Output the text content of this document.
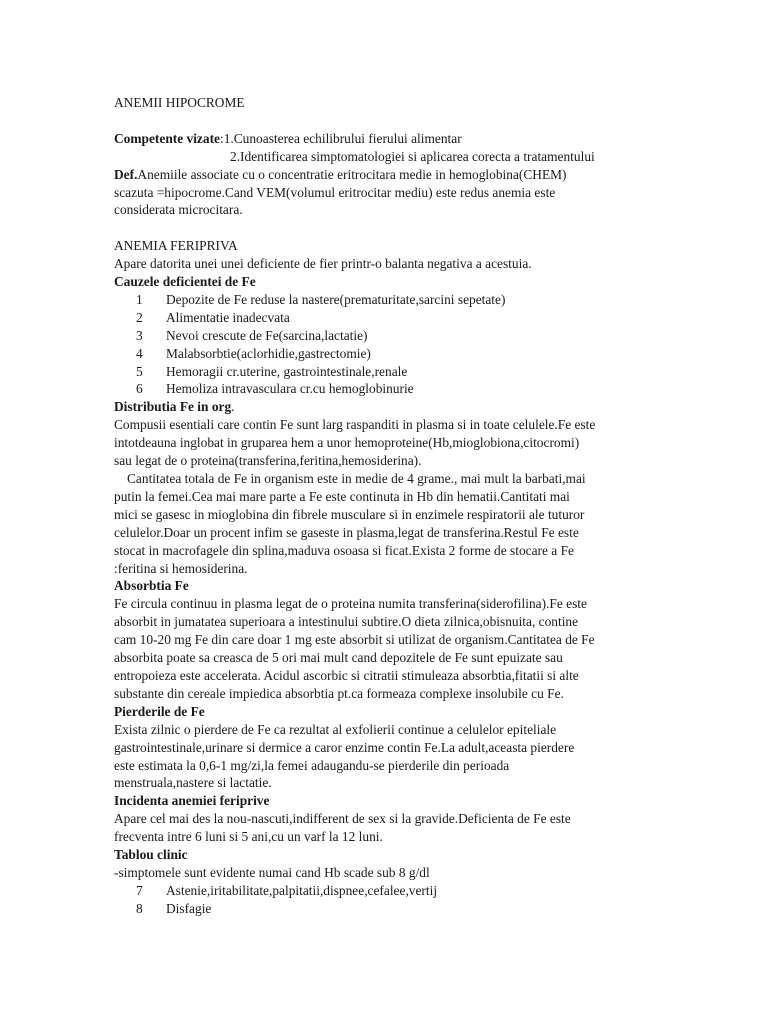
ANEMII HIPOCROME
Competente vizate:1.Cunoasterea echilibrului fierului alimentar
2.Identificarea simptomatologiei si aplicarea corecta a tratamentului
Def.Anemiile associate cu o concentratie eritrocitara medie in hemoglobina(CHEM)
scazuta =hipocrome.Cand VEM(volumul eritrocitar mediu) este redus anemia este
considerata microcitara.
ANEMIA FERIPRIVA
Apare datorita unei unei deficiente de fier printr-o balanta negativa a acestuia.
Cauzele deficientei de Fe
1 Depozite de Fe reduse la nastere(prematuritate,sarcini sepetate)
2 Alimentatie inadecvata
3 Nevoi crescute de Fe(sarcina,lactatie)
4 Malabsorbtie(aclorhidie,gastrectomie)
5 Hemoragii cr.uterine, gastrointestinale,renale
6 Hemoliza intravasculara cr.cu hemoglobinurie
Distributia Fe in org.
Compusii esentiali care contin Fe sunt larg raspanditi in plasma si in toate celulele.Fe este
intotdeauna inglobat in gruparea hem a unor hemoproteine(Hb,mioglobiona,citocromi)
sau legat de o proteina(transferina,feritina,hemosiderina).
Cantitatea totala de Fe in organism este in medie de 4 grame., mai mult la barbati,mai
putin la femei.Cea mai mare parte a Fe este continuta in Hb din hematii.Cantitati mai
mici se gasesc in mioglobina din fibrele musculare si in enzimele respiratorii ale tuturor
celulelor.Doar un procent infim se gaseste in plasma,legat de transferina.Restul Fe este
stocat in macrofagele din splina,maduva osoasa si ficat.Exista 2 forme de stocare a Fe
:feritina si hemosiderina.
Absorbtia Fe
Fe circula continuu in plasma legat de o proteina numita transferina(siderofilina).Fe este
absorbit in jumatatea superioara a intestinului subtire.O dieta zilnica,obisnuita, contine
cam 10-20 mg Fe din care doar 1 mg este absorbit si utilizat de organism.Cantitatea de Fe
absorbita poate sa creasca de 5 ori mai mult cand depozitele de Fe sunt epuizate sau
entropoieza este accelerata. Acidul ascorbic si citratii stimuleaza absorbtia,fitatii si alte
substante din cereale impiedica absorbtia pt.ca formeaza complexe insolubile cu Fe.
Pierderile de Fe
Exista zilnic o pierdere de Fe ca rezultat al exfolierii continue a celulelor epiteliale
gastrointestinale,urinare si dermice a caror enzime contin Fe.La adult,aceasta pierdere
este estimata la 0,6-1 mg/zi,la femei adaugandu-se pierderile din perioada
menstruala,nastere si lactatie.
Incidenta anemiei feriprive
Apare cel mai des la nou-nascuti,indifferent de sex si la gravide.Deficienta de Fe este
frecventa intre 6 luni si 5 ani,cu un varf la 12 luni.
Tablou clinic
-simptomele sunt evidente numai cand Hb scade sub 8 g/dl
7 Astenie,iritabilitate,palpitatii,dispnee,cefalee,vertij
8 Disfagie
